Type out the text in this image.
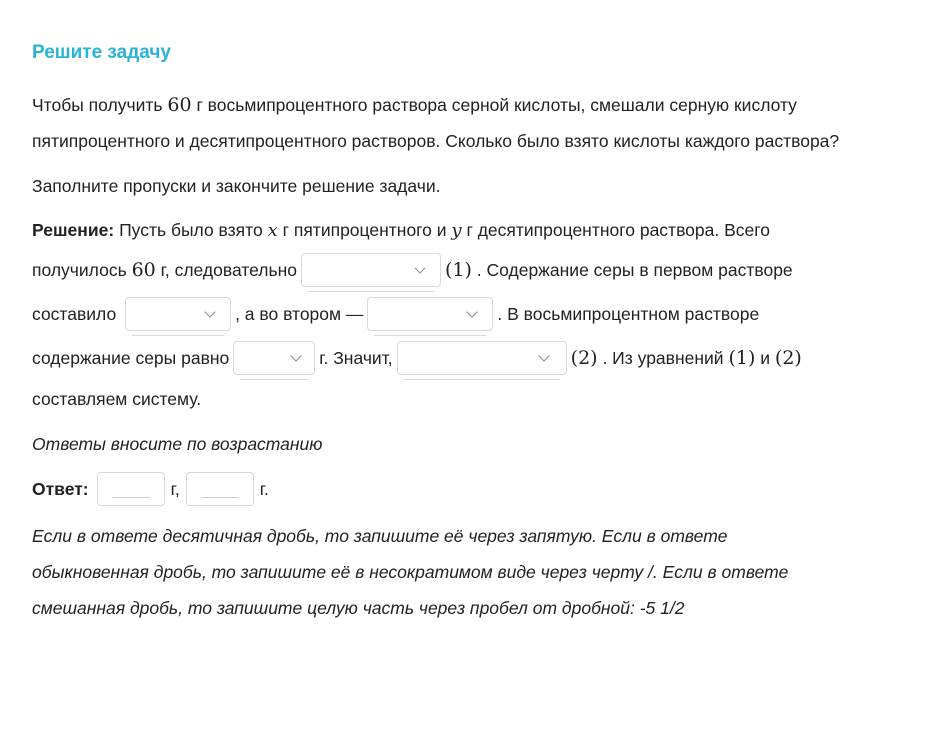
Решите задачу
Чтобы получить
60
г восьмипроцентного раствора серной кислоты, смешали серную кислоту
пятипроцентного и десятипроцентного растворов. Сколько было взято кислоты каждого раствора?
Заполните пропуски и закончите решение задачи.
Решение:
Пусть было взято
x
г пятипроцентного и
y
г десятипроцентного раствора. Всего
получилось
60
г, следовательно	(1)
. Содержание серы в первом растворе
составило
	, а во втором —	. В восьмипроцентном растворе
содержание серы равно	г. Значит,	(2)
. Из уравнений
(1)
и
(2)
составляем систему.
Ответы вносите по возрастанию
Ответ:	г,	г.
Если в ответе десятичная дробь, то запишите её через запятую. Если в ответе
обыкновенная дробь, то запишите её в несократимом виде через черту /. Если в ответе
смешанная дробь, то запишите целую часть через пробел от дробной: -5 1/2
